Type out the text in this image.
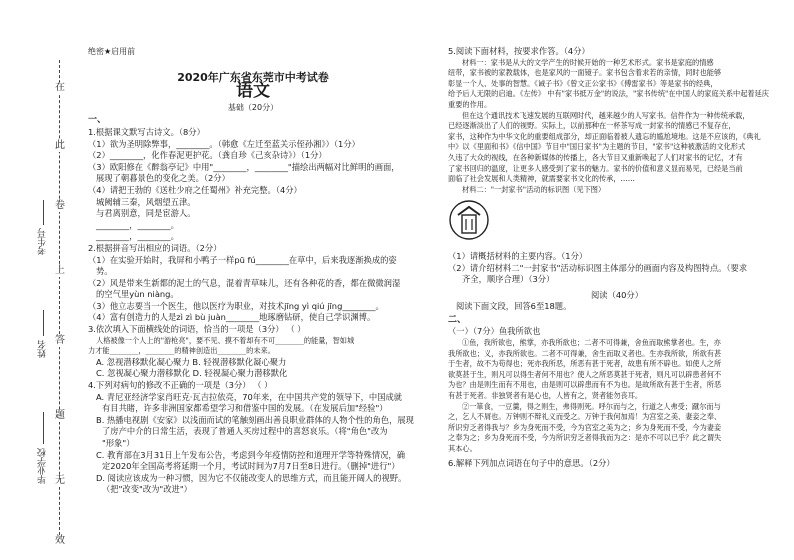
在
此
卷
上
答
题
无
效
考生号
姓名
毕业学校
绝密★启用前
2020年广东省东莞市中考试卷
语文
基础（20分）
一、
1.根据课文默写古诗文。（8分）
（1）欲为圣明除弊事，________。（韩愈《左迁至蓝关示侄孙湘》）（1分）
（2）________，化作春泥更护花。（龚自珍《己亥杂诗》）（1分）
（3）欧阳修在《醉翁亭记》中用"________，________"描绘出两幅对比鲜明的画面，
展现了朝暮景色的变化之美。（2分）
（4）请把王勃的《送杜少府之任蜀州》补充完整。（4分）
城阙辅三秦，风烟望五津。
与君离别意，同是宦游人。
________，________。
________，________。
2.根据拼音写出相应的词语。（2分）
（1）在实验开始时，我屏和小鸭子一样pū fú________在草中，后来我逐渐换成的姿
势。
（2）风是带来生新都的泥土的气息，混着青草味儿，还有各种花的香，都在微微润湿
的空气里yùn niàng。
（3）他立志要当一个医生，他以医疗为职业，对技术jīng yì qiú jīng________。
（4）富有创造力的人是zì zì bù juàn________地琢磨钻研，使自己学识渊博。
3.依次填入下面横线处的词语，恰当的一项是（3分） （ ）
人格被像一个人上的"游枪亮"，要不见、摸不着却有不可________的能量，智如城
力才能________，________的精神创造出________的未来。
A. 忽视潜移默化凝心聚力 B. 轻视潜移默化凝心聚力
C. 忽视凝心聚力潜移默化 D. 轻视凝心聚力潜移默化
4.下列对病句的修改不正确的一项是（3分） （ ）
A. 青尼亚经济学家肖旺克·瓦吉拉依亮，70年来，在中国共产党的领导下，中国成就
有目共睹，许多非洲国家都希望学习和借鉴中国的发展。（在发展后加"经验"）
B. 热播电视剧《安家》以浅面而试的笔触刻画出善良职业群体的人物个性的角色，展现
了房产中介的日常生活，表现了普通人买房过程中的喜怒哀乐。（将"角色"改为
"形象"）
C. 教育部在3月31日上午发布公告，考虑到今年疫情防控和道理开学等特殊情况，确
定2020年全国高考将延期一个月，考试时间为7月7日至8日进行。（删掉"进行"）
D. 阅读应该成为一种习惯，因为它不仅能改变人的思维方式，而且能开阔人的视野。
（把"改变"改为"改进"）
5.阅读下面材料，按要求作答。（4分）
材料一：家书是从大的文学产生的时候开始的一种艺术形式。家书是家庭的情感
纽带，家书被的家教载体，也是家风的一面镜子。家书包含着求若的亲情，同时也能够
彰显一个人、处事的智慧。《诫子书》《曾文正公家书》《傅雷家书》等是家书的经典，
给予后人无限的启迪。《左传》 中有"家书抵万金"的说法，"家书传统"在中国人的家庭关系中起着延庆
重要的作用。
但在这个通讯技术飞速发展的互联网时代，越来越少的人写家书。信件作为一种传统承载，
已经逐渐淡出了人们的视野。实际上，以前那种在一杯茶写成一封家书的情感已不复存在，
家书，这种作为中华文化的重要组成部分，却正面临着被人遗忘的尴尬境地。这是不应该的，《典礼
中》以《里面和书》《信中国》节目中"国日家书"为主题的节目，"家书"这种被激活的文化形式
久违了大众的视线，在各种新媒体的传播上，各大节目又重新唤起了人们对家书的记忆，才有
了家书回归的温度，让更多人感受到了家书的魅力。家书的价值和意义显而易见，已经是当前
面临了社会发展和人类精神，就需要家书文化的传承，……
材料二："一封家书"活动的标识图（见下图）
（1）请概括材料的主要内容。（1分）
（2）请介绍材料二"一封家书"活动标识图主体部分的画面内容及构图特点。（要求
齐全，顺序合理）（3分）
阅读（40分）
阅读下面文段，回答6至18题。
二、
（一）（7分）鱼我所欲也
①鱼，我所欲也，熊掌，亦我所欲也；二者不可得兼，舍鱼而取熊掌者也。生，亦
我所欲也；义，亦我所欲也。二者不可得兼，舍生而取义者也。生亦我所欲，所欲有甚
于生者，故不为苟得也；死亦我所恶，所恶有甚于死者，故患有所不辟也。如使人之所
欲莫甚于生，则凡可以得生者何不用也？使人之所恶莫甚于死者，则凡可以辟患者何不
为也？由是则生而有不用也，由是则可以辟患而有不为也。是故所欲有甚于生者，所恶
有甚于死者。非独贤者有是心也，人皆有之，贤者能勿丧耳。
②一箪食，一豆羹，得之则生，弗得则死。呼尔而与之，行道之人弗受；蹴尔而与
之，乞人不屑也。万钟则不辩礼义而受之。万钟于我何加焉！为宫室之美、妻妾之奉、
所识穷乏者得我与？乡为身死而不受，今为宫室之美为之；乡为身死而不受，今为妻妾
之奉为之；乡为身死而不受，今为所识穷乏者得我而为之：是亦不可以已乎？此之谓失
其本心。
6.解释下列加点词语在句子中的意思。（2分）
